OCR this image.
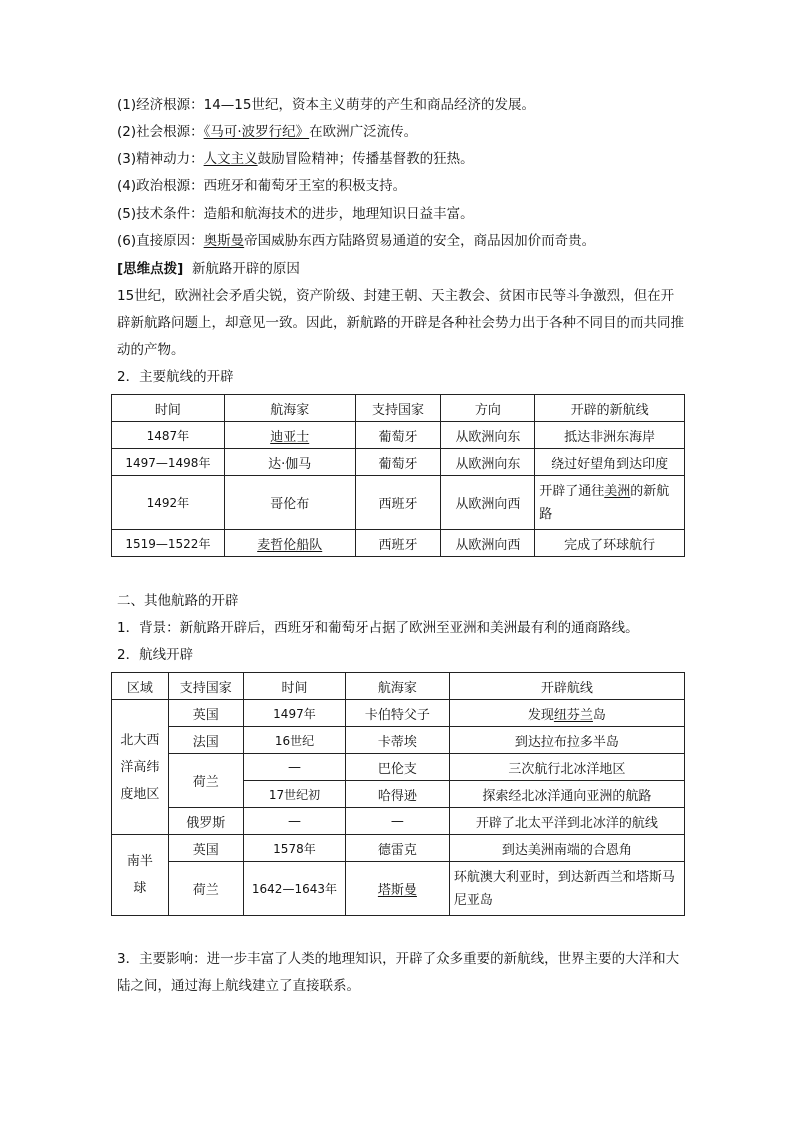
(1)经济根源：14—15世纪，资本主义萌芽的产生和商品经济的发展。
(2)社会根源：《马可·波罗行纪》在欧洲广泛流传。
(3)精神动力：人文主义鼓励冒险精神；传播基督教的狂热。
(4)政治根源：西班牙和葡萄牙王室的积极支持。
(5)技术条件：造船和航海技术的进步，地理知识日益丰富。
(6)直接原因：奥斯曼帝国威胁东西方陆路贸易通道的安全，商品因加价而奇贵。
[思维点拨] 新航路开辟的原因
15世纪，欧洲社会矛盾尖锐，资产阶级、封建王朝、天主教会、贫困市民等斗争激烈，但在开辟新航路问题上，却意见一致。因此，新航路的开辟是各种社会势力出于各种不同目的而共同推动的产物。
2．主要航线的开辟
时间	航海家	支持国家	方向	开辟的新航线
1487年	迪亚士	葡萄牙	从欧洲向东	抵达非洲东海岸
1497—1498年	达·伽马	葡萄牙	从欧洲向东	绕过好望角到达印度
1492年	哥伦布	西班牙	从欧洲向西	开辟了通往美洲的新航路
1519—1522年	麦哲伦船队	西班牙	从欧洲向西	完成了环球航行
二、其他航路的开辟
1．背景：新航路开辟后，西班牙和葡萄牙占据了欧洲至亚洲和美洲最有利的通商路线。
2．航线开辟
区域	支持国家	时间	航海家	开辟航线
北大西洋高纬度地区	英国	1497年	卡伯特父子	发现纽芬兰岛
	法国	16世纪	卡蒂埃	到达拉布拉多半岛
	荷兰	—	巴伦支	三次航行北冰洋地区
		17世纪初	哈得逊	探索经北冰洋通向亚洲的航路
	俄罗斯	—	—	开辟了北太平洋到北冰洋的航线
南半球	英国	1578年	德雷克	到达美洲南端的合恩角
	荷兰	1642—1643年	塔斯曼	环航澳大利亚时，到达新西兰和塔斯马尼亚岛
3．主要影响：进一步丰富了人类的地理知识，开辟了众多重要的新航线，世界主要的大洋和大陆之间，通过海上航线建立了直接联系。
